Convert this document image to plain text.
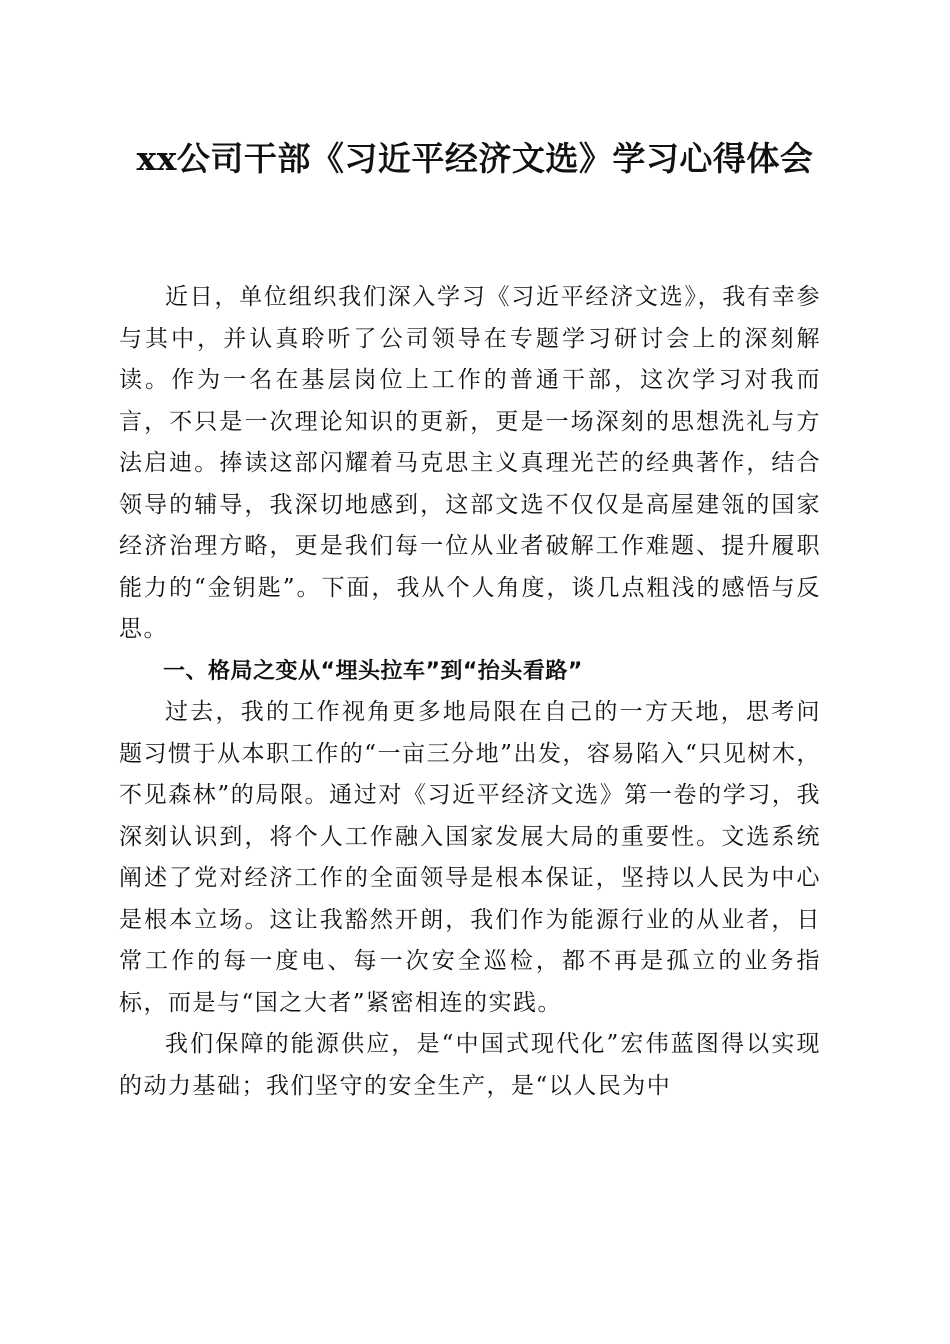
xx公司干部《习近平经济文选》学习心得体会

近日，单位组织我们深入学习《习近平经济文选》，我有幸参与其中，并认真聆听了公司领导在专题学习研讨会上的深刻解读。作为一名在基层岗位上工作的普通干部，这次学习对我而言，不只是一次理论知识的更新，更是一场深刻的思想洗礼与方法启迪。捧读这部闪耀着马克思主义真理光芒的经典著作，结合领导的辅导，我深切地感到，这部文选不仅仅是高屋建瓴的国家经济治理方略，更是我们每一位从业者破解工作难题、提升履职能力的“金钥匙”。下面，我从个人角度，谈几点粗浅的感悟与反思。

一、格局之变从“埋头拉车”到“抬头看路”

过去，我的工作视角更多地局限在自己的一方天地，思考问题习惯于从本职工作的“一亩三分地”出发，容易陷入“只见树木，不见森林”的局限。通过对《习近平经济文选》第一卷的学习，我深刻认识到，将个人工作融入国家发展大局的重要性。文选系统阐述了党对经济工作的全面领导是根本保证，坚持以人民为中心是根本立场。这让我豁然开朗，我们作为能源行业的从业者，日常工作的每一度电、每一次安全巡检，都不再是孤立的业务指标，而是与“国之大者”紧密相连的实践。

我们保障的能源供应，是“中国式现代化”宏伟蓝图得以实现的动力基础；我们坚守的安全生产，是“以人民为中
